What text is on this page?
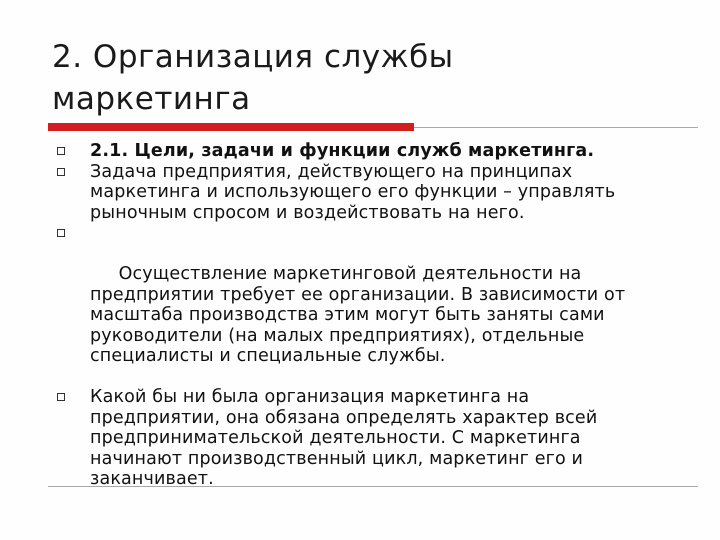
2. Организация службы
маркетинга
2.1. Цели, задачи и функции служб маркетинга.
Задача предприятия, действующего на принципах маркетинга и использующего его функции – управлять рыночным спросом и воздействовать на него.

Осуществление маркетинговой деятельности на предприятии требует ее организации. В зависимости от масштаба производства этим могут быть заняты сами руководители (на малых предприятиях), отдельные специалисты и специальные службы.

Какой бы ни была организация маркетинга на предприятии, она обязана определять характер всей предпринимательской деятельности. С маркетинга начинают производственный цикл, маркетинг его и заканчивает.
